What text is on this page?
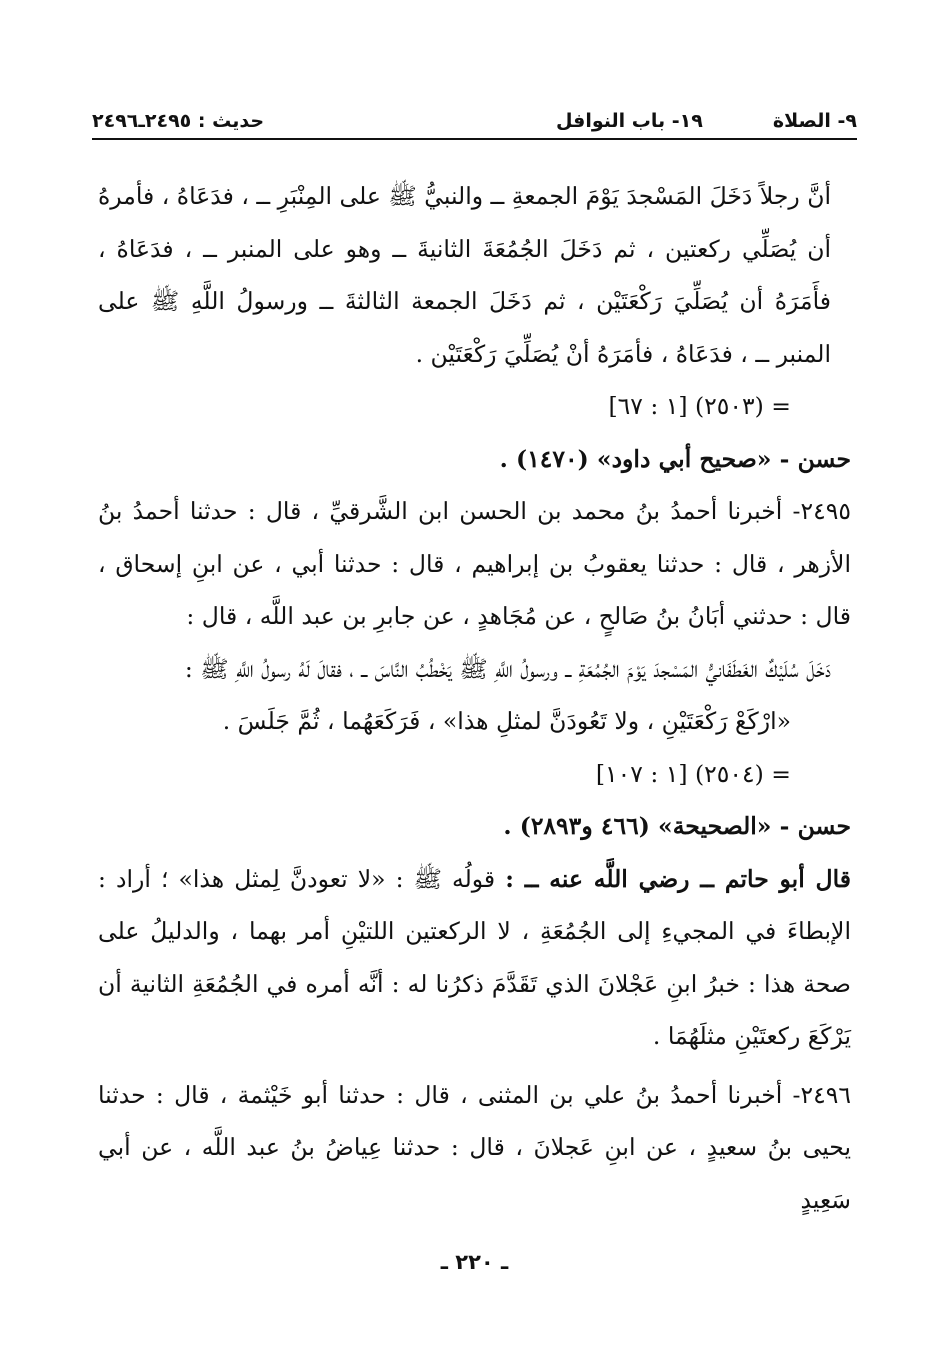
٩- الصلاة
١٩- باب النوافل
حديث : ٢٤٩٥ـ٢٤٩٦

أنَّ رجلاً دَخَلَ المَسْجدَ يَوْمَ الجمعةِ ــ والنبيُّ ﷺ على المِنْبَرِ ــ ، فدَعَاهُ ، فأمرهُ أن يُصَلِّي ركعتين ، ثم دَخَلَ الجُمُعَةَ الثانيةَ ــ وهو على المنبر ــ ، فدَعَاهُ ، فأَمَرَهُ أن يُصَلِّيَ رَكْعَتَيْن ، ثم دَخَلَ الجمعة الثالثةَ ــ ورسولُ اللَّهِ ﷺ على المنبر ــ ، فدَعَاهُ ، فأمَرَهُ أنْ يُصَلِّيَ رَكْعَتَيْن .

= (٢٥٠٣) [١ : ٦٧]

حسن - «صحيح أبي داود» (١٤٧٠) .

٢٤٩٥- أخبرنا أحمدُ بنُ محمد بن الحسن ابن الشَّرقيِّ ، قال : حدثنا أحمدُ بنُ الأزهر ، قال : حدثنا يعقوبُ بن إبراهيم ، قال : حدثنا أبي ، عن ابنِ إسحاق ، قال : حدثني أبَانُ بنُ صَالحٍ ، عن مُجَاهدٍ ، عن جابرِ بن عبد اللَّه ، قال :

دَخَلَ سُلَيْكٌ الغَطَفَانيُّ المَسْجدَ يَوْمَ الجُمُعَةِ ــ ورسولُ اللَّهِ ﷺ يَخْطُبُ النَّاسَ ــ ، فقالَ لَهُ رسولُ اللَّهِ ﷺ :

«ارْكَعْ رَكْعَتَيْنِ ، ولا تَعُودَنَّ لمثلِ هذا» ، فَرَكَعَهُما ، ثُمَّ جَلَسَ .

= (٢٥٠٤) [١ : ١٠٧]

حسن - «الصحيحة» (٤٦٦ و٢٨٩٣) .

قال أبو حاتم ــ رضي اللَّه عنه ــ : قولُه ﷺ : «لا تعودنَّ لِمثل هذا» ؛ أراد : الإبطاءَ في المجيءِ إلى الجُمُعَةِ ، لا الركعتين اللتيْنِ أمر بهما ، والدليلُ على صحة هذا : خبرُ ابنِ عَجْلانَ الذي تَقَدَّمَ ذكرُنا له : أنَّه أمره في الجُمُعَةِ الثانية أن يَرْكَعَ ركعتَيْنِ مثلَهُمَا .

٢٤٩٦- أخبرنا أحمدُ بنُ علي بن المثنى ، قال : حدثنا أبو خَيْثمة ، قال : حدثنا يحيى بنُ سعيدٍ ، عن ابنِ عَجلانَ ، قال : حدثنا عِياضُ بنُ عبد اللَّه ، عن أبي سَعِيدٍ

ـ ٢٢٠ ـ
